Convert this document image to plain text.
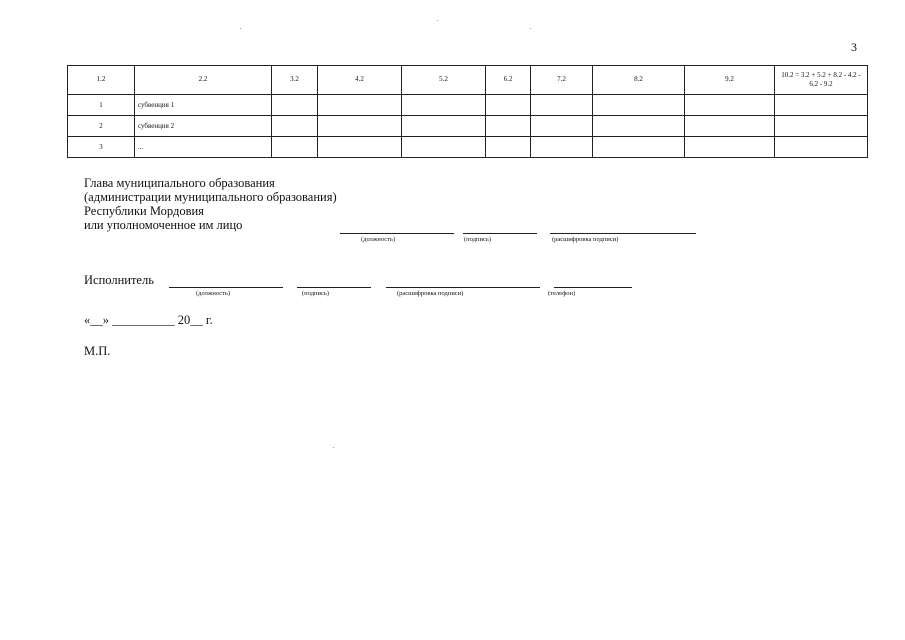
3
1.2	2.2	3.2	4.2	5.2	6.2	7.2	8.2	9.2	10.2 = 3.2 + 5.2 + 8.2 - 4.2 - 6.2 - 9.2
1	субвенция 1								
2	субвенция 2								
3	...								
Глава муниципального образования
(администрации муниципального образования)
Республики Мордовия
или уполномоченное им лицо
(должность)	(подпись)	(расшифровка подписи)
Исполнитель
(должность)	(подпись)	(расшифровка подписи)	(телефон)
«__» __________ 20__ г.
М.П.
